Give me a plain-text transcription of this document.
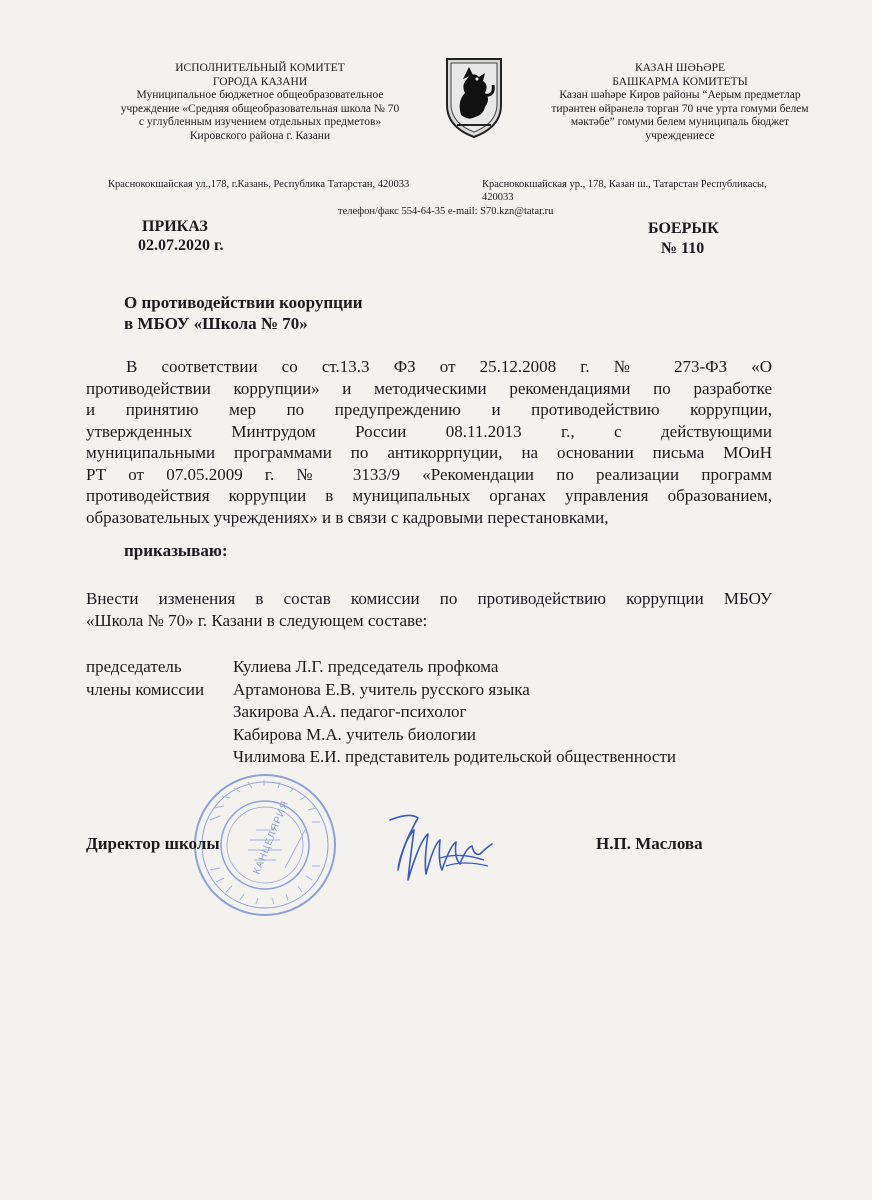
ИСПОЛНИТЕЛЬНЫЙ КОМИТЕТ
ГОРОДА КАЗАНИ
Муниципальное бюджетное общеобразовательное
учреждение «Средняя общеобразовательная школа № 70
с углубленным изучением отдельных предметов»
Кировского района г. Казани
КАЗАН ШӘҺӘРЕ
БАШКАРМА КОМИТЕТЫ
Казан шәһәре Киров районы “Аерым предметлар
тирәнтен өйрәнелә торган 70 нче урта гомуми белем
мәктәбе” гомуми белем муниципаль бюджет
учреждениесе
Краснококшайская ул.,178, г.Казань, Республика Татарстан, 420033	Краснококшайская ур., 178, Казан ш., Татарстан Республикасы,
420033
телефон/факс 554-64-35 e-mail: S70.kzn@tatar.ru
ПРИКАЗ
02.07.2020 г.
БОЕРЫК
№ 110
О противодействии коорупции
в МБОУ «Школа № 70»
В соответствии со ст.13.3 ФЗ от 25.12.2008 г. № 273-ФЗ «О
противодействии коррупции» и методическими рекомендациями по разработке
и принятию мер по предупреждению и противодействию коррупции,
утвержденных Минтрудом России 08.11.2013 г., с действующими
муниципальными программами по антикоррпуции, на основании письма МОиН
РТ от 07.05.2009 г. № 3133/9 «Рекомендации по реализации программ
противодействия коррупции в муниципальных органах управления образованием,
образовательных учреждениях» и в связи с кадровыми перестановками,
приказываю:
Внести изменения в состав комиссии по противодействию коррупции МБОУ
«Школа № 70» г. Казани в следующем составе:
председатель
члены комиссии
Кулиева Л.Г. председатель профкома
Артамонова Е.В. учитель русского языка
Закирова А.А. педагог-психолог
Кабирова М.А. учитель биологии
Чилимова Е.И. представитель родительской общественности
КАНЦЕЛЯРИЯ
Директор школы	Н.П. Маслова
